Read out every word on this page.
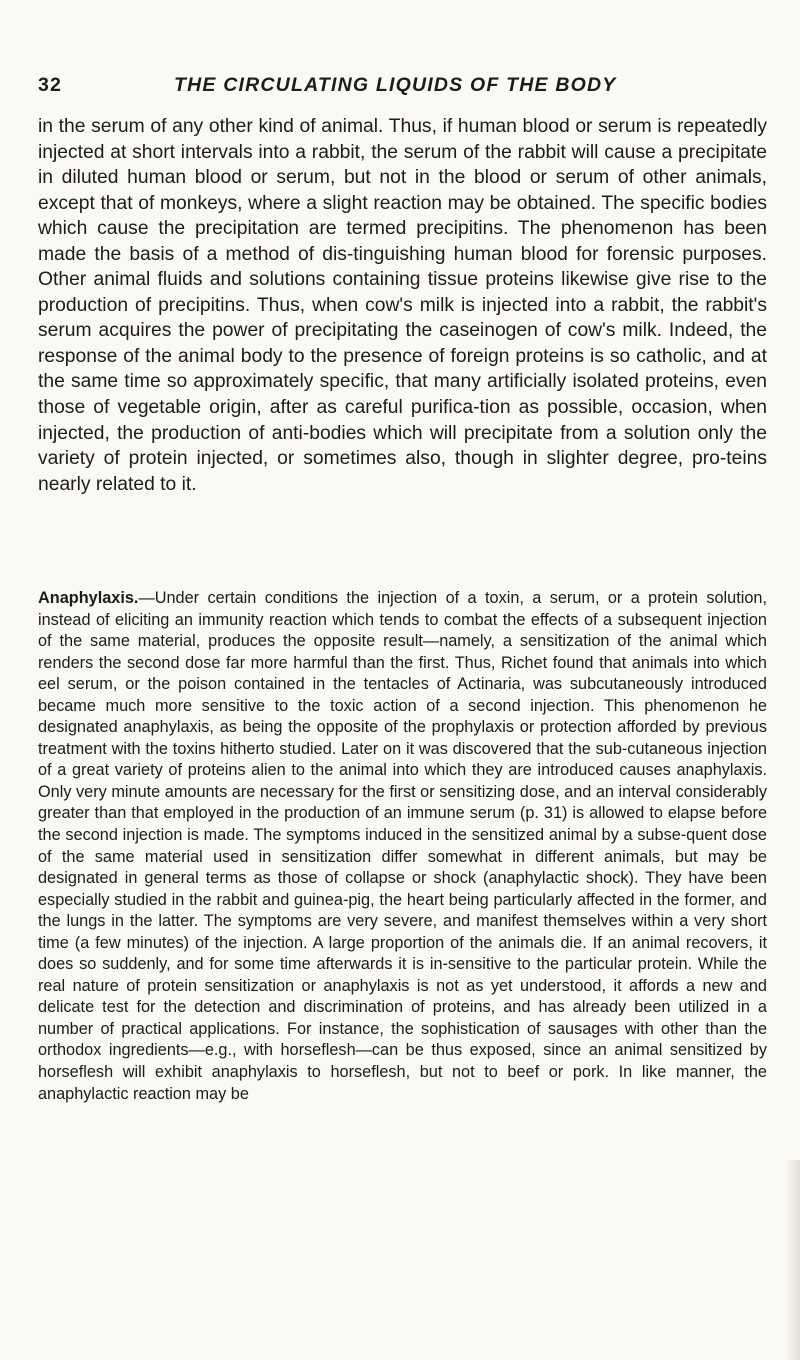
32	THE CIRCULATING LIQUIDS OF THE BODY

in the serum of any other kind of animal. Thus, if human blood or serum is repeatedly injected at short intervals into a rabbit, the serum of the rabbit will cause a precipitate in diluted human blood or serum, but not in the blood or serum of other animals, except that of monkeys, where a slight reaction may be obtained. The specific bodies which cause the precipitation are termed precipitins. The phenomenon has been made the basis of a method of dis-tinguishing human blood for forensic purposes. Other animal fluids and solutions containing tissue proteins likewise give rise to the production of precipitins. Thus, when cow's milk is injected into a rabbit, the rabbit's serum acquires the power of precipitating the caseinogen of cow's milk. Indeed, the response of the animal body to the presence of foreign proteins is so catholic, and at the same time so approximately specific, that many artificially isolated proteins, even those of vegetable origin, after as careful purifica-tion as possible, occasion, when injected, the production of anti-bodies which will precipitate from a solution only the variety of protein injected, or sometimes also, though in slighter degree, pro-teins nearly related to it.

Anaphylaxis.—Under certain conditions the injection of a toxin, a serum, or a protein solution, instead of eliciting an immunity reaction which tends to combat the effects of a subsequent injection of the same material, produces the opposite result—namely, a sensitization of the animal which renders the second dose far more harmful than the first. Thus, Richet found that animals into which eel serum, or the poison contained in the tentacles of Actinaria, was subcutaneously introduced became much more sensitive to the toxic action of a second injection. This phenomenon he designated anaphylaxis, as being the opposite of the prophylaxis or protection afforded by previous treatment with the toxins hitherto studied. Later on it was discovered that the sub-cutaneous injection of a great variety of proteins alien to the animal into which they are introduced causes anaphylaxis. Only very minute amounts are necessary for the first or sensitizing dose, and an interval considerably greater than that employed in the production of an immune serum (p. 31) is allowed to elapse before the second injection is made. The symptoms induced in the sensitized animal by a subse-quent dose of the same material used in sensitization differ somewhat in different animals, but may be designated in general terms as those of collapse or shock (anaphylactic shock). They have been especially studied in the rabbit and guinea-pig, the heart being particularly affected in the former, and the lungs in the latter. The symptoms are very severe, and manifest themselves within a very short time (a few minutes) of the injection. A large proportion of the animals die. If an animal recovers, it does so suddenly, and for some time afterwards it is in-sensitive to the particular protein. While the real nature of protein sensitization or anaphylaxis is not as yet understood, it affords a new and delicate test for the detection and discrimination of proteins, and has already been utilized in a number of practical applications. For instance, the sophistication of sausages with other than the orthodox ingredients—e.g., with horseflesh—can be thus exposed, since an animal sensitized by horseflesh will exhibit anaphylaxis to horseflesh, but not to beef or pork. In like manner, the anaphylactic reaction may be
